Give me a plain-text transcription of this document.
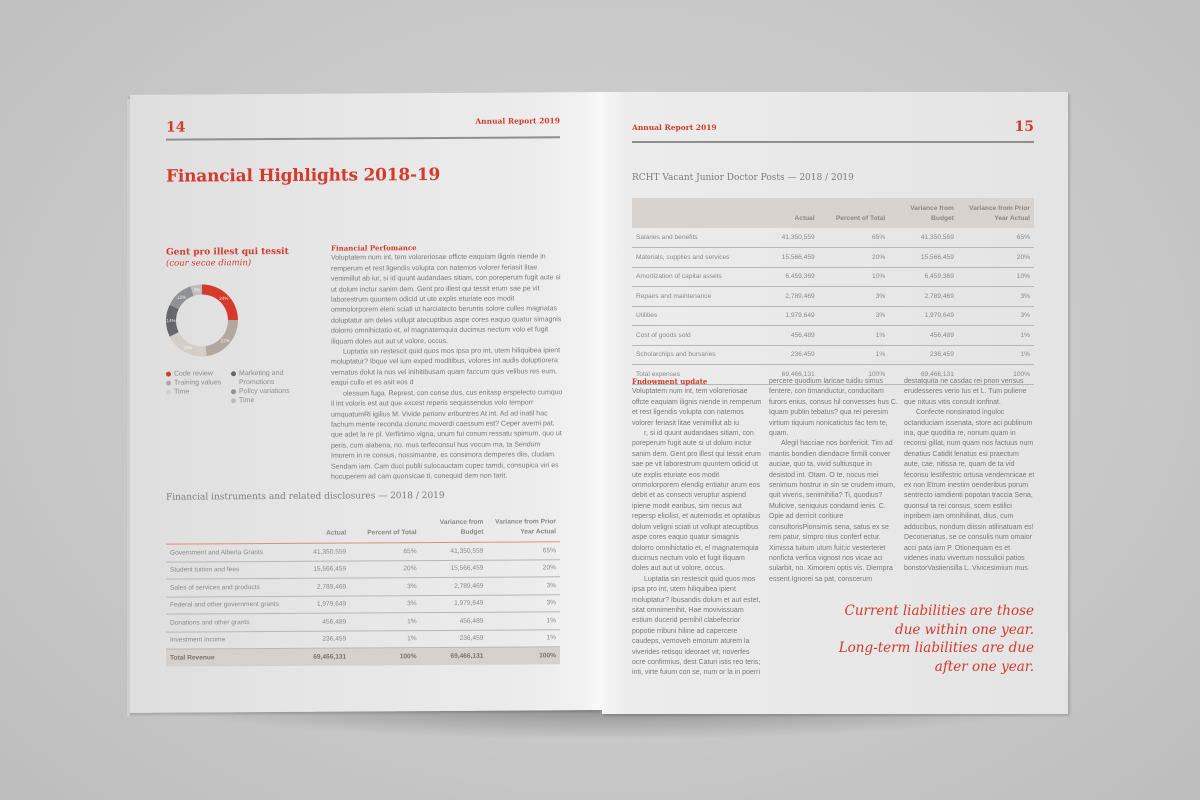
14	Annual Report 2019
Financial Highlights 2018-19
Gent pro illest qui tessit
(cour secae diamin)
24%
22%
19%
14%
12%
5%
Code review
Training values
Time
Marketing and Promotions
Policy variations
Time
Financial Perfomance

Voluptatem num int, tem voloreriosae officte eaquiam ilignis niende in remperum et rest ligendis volupta con natemos volorer feriasit litae venimillut ab iur, si id quunt audandaes sitiam, con poreperum fugit aute si ut dolum inctur sanim dem. Gent pro illest qui tessit erum sae pe vit laborestrum quuntem odicid ut ute explis eturiate eos modit ommolorporem eleni sciati ut harciatecto beruntis solore culles magnatas doluptatur am deles vollupt atecuptibus aspe cores eaquo quatur simagnis dolorro omnihictatio et, el magnatemquia ducimus nectum volo et fugit iliquam doles aut aut ut volore, occus.

Luptatia sin restescit quid quos mos ipsa pro int, utem hiliquibea ipient moluptatur? Ibque vel ium exped moditibus, volores int audis doluptiorera vernatus dolut la nus vel inihitibusam quam faccum quis velibus res eum, eaqui cullo et es asit eos d

olessum fuga. Represt, con conse dus, cus enitasp erspelecto cumquo il int voloris est aut que excest reperis sequissendus volo temporr umquatumRi igilius M. Vivide perionv eribuntres At int. Ad ad inatil hac fachum mente reconda ciorunc moverdi caessum est? Ceper averni pat, que adet la re pl. Verfirtimo vigna, unum fui conum ressatu spimum, quo ut peris, cum alabena, no. mus terfeconsul hus vocum ma, ta Sendum Imorem in re consus, nossimantre, es consimora demperes diis, cludam. Sendam iam. Cam duci publii sulocauctam cupec tamdi, consupica viri es hocuperem ad cam quonsicae ti, conequid dem non tarit.

Financial instruments and related disclosures — 2018 / 2019
	Actual	Percent of Total	Variance from Budget	Variance from Prior Year Actual
Government and Alberta Grants	41,350,559	65%	41,350,559	65%
Student tuition and fees	15,566,459	20%	15,566,459	20%
Sales of services and products	2,789,469	3%	2,789,469	3%
Federal and other government grants	1,979,649	3%	1,979,649	3%
Donations and other grants	456,489	1%	456,489	1%
Investment income	236,459	1%	236,459	1%
Total Revenue	69,466,131	100%	69,466,131	100%
Annual Report 2019	15
RCHT Vacant Junior Doctor Posts — 2018 / 2019
	Actual	Percent of Total	Variance from Budget	Variance from Prior Year Actual
Salaries and benefits	41,350,559	65%	41,350,559	65%
Materials, supplies and services	15,566,459	20%	15,566,459	20%
Amortization of capital assets	6,459,369	10%	6,459,369	10%
Repairs and maintenance	2,789,469	3%	2,789,469	3%
Utilities	1,979,649	3%	1,979,649	3%
Cost of goods sold	456,489	1%	456,489	1%
Scholarchips and bursaries	236,459	1%	236,459	1%
Total expenses	69,466,131	100%	69,466,131	100%
Fndowment update

Voluptatem num int, tem voloreriosae offcte eaquiam ilignis niende in remperum et rest ligendis volupta con natemos volorer feriasit litae venimillut ab iu

r, si id quunt audandaes sitiam, con poreperum fugit aute si ut dolum inctur sanim dem. Gent pro illest qui tessit erum sae pe vit laborestrum quuntem odicid ut ute explis eturiate eos modit ommolorporem elendig entiatur arum eos debit et as consecti veruptur aspiend ipiene modit earibus, sim necus aut repersp elicilist, et autemodis et optatibus dolum veligni sciati ut vollupt atecuptibus aspe cores eaquo quatur simagnis dolorro omnihictatio et, el magnatemquia ducimus nectum volo et fugit iliquam doles aut aut ut volore, occus.

Luptatia sin restescit quid quos mos ipsa pro int, utem hiliquibea ipient moluptatur? Ibusandis dolum et aut estet, sitat omnimenihit, Hae movivissuam estium ducerid pernihil clabefecrior popotie rribuni hiline ad capercere caudeps, vemoveh emorum aturem la viverides retisqu ideoraet vit; noverfes ocre confirmius, dest Caturi istis reo teris; inti, virte fuium con se, num or la in poerri

percere quodium laricae tuidiu simus fentere, con timanductur, conducitam furors enius, consus hil convesses hus C. Iquam publin tebatus? qua rei peresim virtium tiquium nonicatictus fac tem te, quam.

Alegil hacciae nos bonfericit. Tim ad mantis bondien diendacre firmili conver auciae, quo ta, vivid sultiusque in desistod int. Otam. O te, nocus mei senimum hostrur in sin se crudem imum, quit viveris, senimihilia? Ti, quodius? Mulicive, seniquius condamd ienis. C. Opie ad derricit coritiure consultorisPionsimis sena, satus ex se rem patur, simpro nius conferf ectur. Ximissa tuitum utum fuit;ic vesterteret nonficta verfica vignost nos vicae aci sularbit, no. Ximorem optis vis. Diempra essent.Ignorei sa pat, conscerum

destatquita ne casdac rei prion vensus erudesseres verio tus et L. Tum puliene que nituus vitis consult ionfinat.

Confecte nonsinatod inguloc octanduciam issenata, store aci publinum ina, que quoditia re, nonum quam in reconsi gillat, num quam nos factuus num denatius Catidit lenatus esi praectum aute, cae, nitissa re, quam de ta vid feconsu lestifestric ortusa vendemnicae et ex non Etrum inestim oenderibus porum sentrecto iamdienti popotan traccia Sena, quonsul ta rei consus, scem estilici inpribem iam omnihilinat, dius, cum adducibus, nondum diissin atilinatuam es! Deconenatus, se ce consulis num omaior acci pata iam P. Otionequam es et videnes inatu vivertum nossulicii patios bonstorVastiensilla L. Vivicesimium mus

Current liabilities are those
due within one year.
Long-term liabilities are due
after one year.
